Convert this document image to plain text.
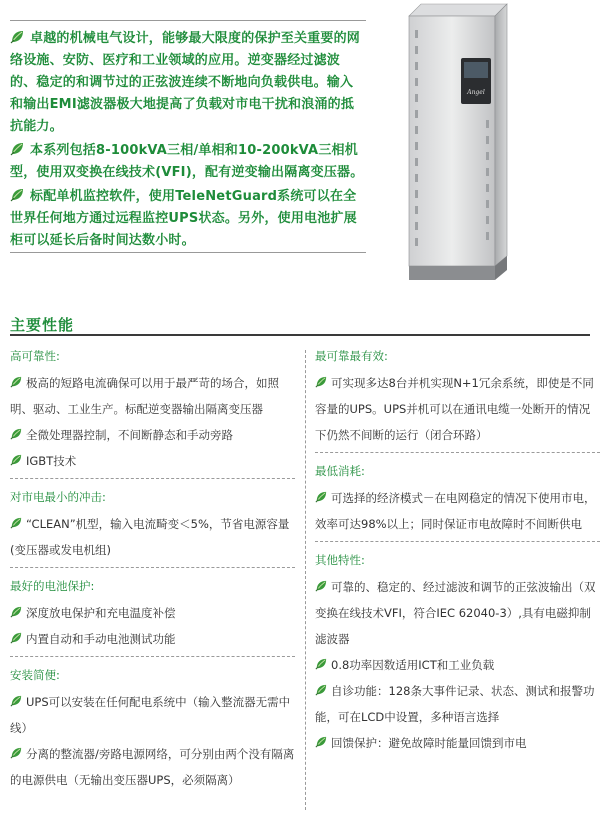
卓越的机械电气设计，能够最大限度的保护至关重要的网络设施、安防、医疗和工业领域的应用。逆变器经过滤波的、稳定的和调节过的正弦波连续不断地向负载供电。输入和输出EMI滤波器极大地提高了负载对市电干扰和浪涌的抵抗能力。

本系列包括8-100kVA三相/单相和10-200kVA三相机型，使用双变换在线技术(VFI)，配有逆变输出隔离变压器。

标配单机监控软件，使用TeleNetGuard系统可以在全世界任何地方通过远程监控UPS状态。另外，使用电池扩展柜可以延长后备时间达数小时。

Angel
主要性能
高可靠性:
极高的短路电流确保可以用于最严苛的场合，如照明、驱动、工业生产。标配逆变器输出隔离变压器
全微处理器控制，不间断静态和手动旁路
IGBT技术
对市电最小的冲击:
“CLEAN”机型，输入电流畸变＜5%，节省电源容量(变压器或发电机组)
最好的电池保护:
深度放电保护和充电温度补偿
内置自动和手动电池测试功能
安装简便:
UPS可以安装在任何配电系统中（输入整流器无需中线）
分离的整流器/旁路电源网络，可分别由两个没有隔离的电源供电（无输出变压器UPS，必须隔离）
最可靠最有效:
可实现多达8台并机实现N+1冗余系统，即使是不同容量的UPS。UPS并机可以在通讯电缆一处断开的情况下仍然不间断的运行（闭合环路）
最低消耗:
可选择的经济模式－在电网稳定的情况下使用市电，效率可达98%以上；同时保证市电故障时不间断供电
其他特性:
可靠的、稳定的、经过滤波和调节的正弦波输出（双变换在线技术VFI，符合IEC 62040-3）,具有电磁抑制滤波器
0.8功率因数适用ICT和工业负载
自诊功能：128条大事件记录、状态、测试和报警功能，可在LCD中设置，多种语言选择
回馈保护：避免故障时能量回馈到市电
